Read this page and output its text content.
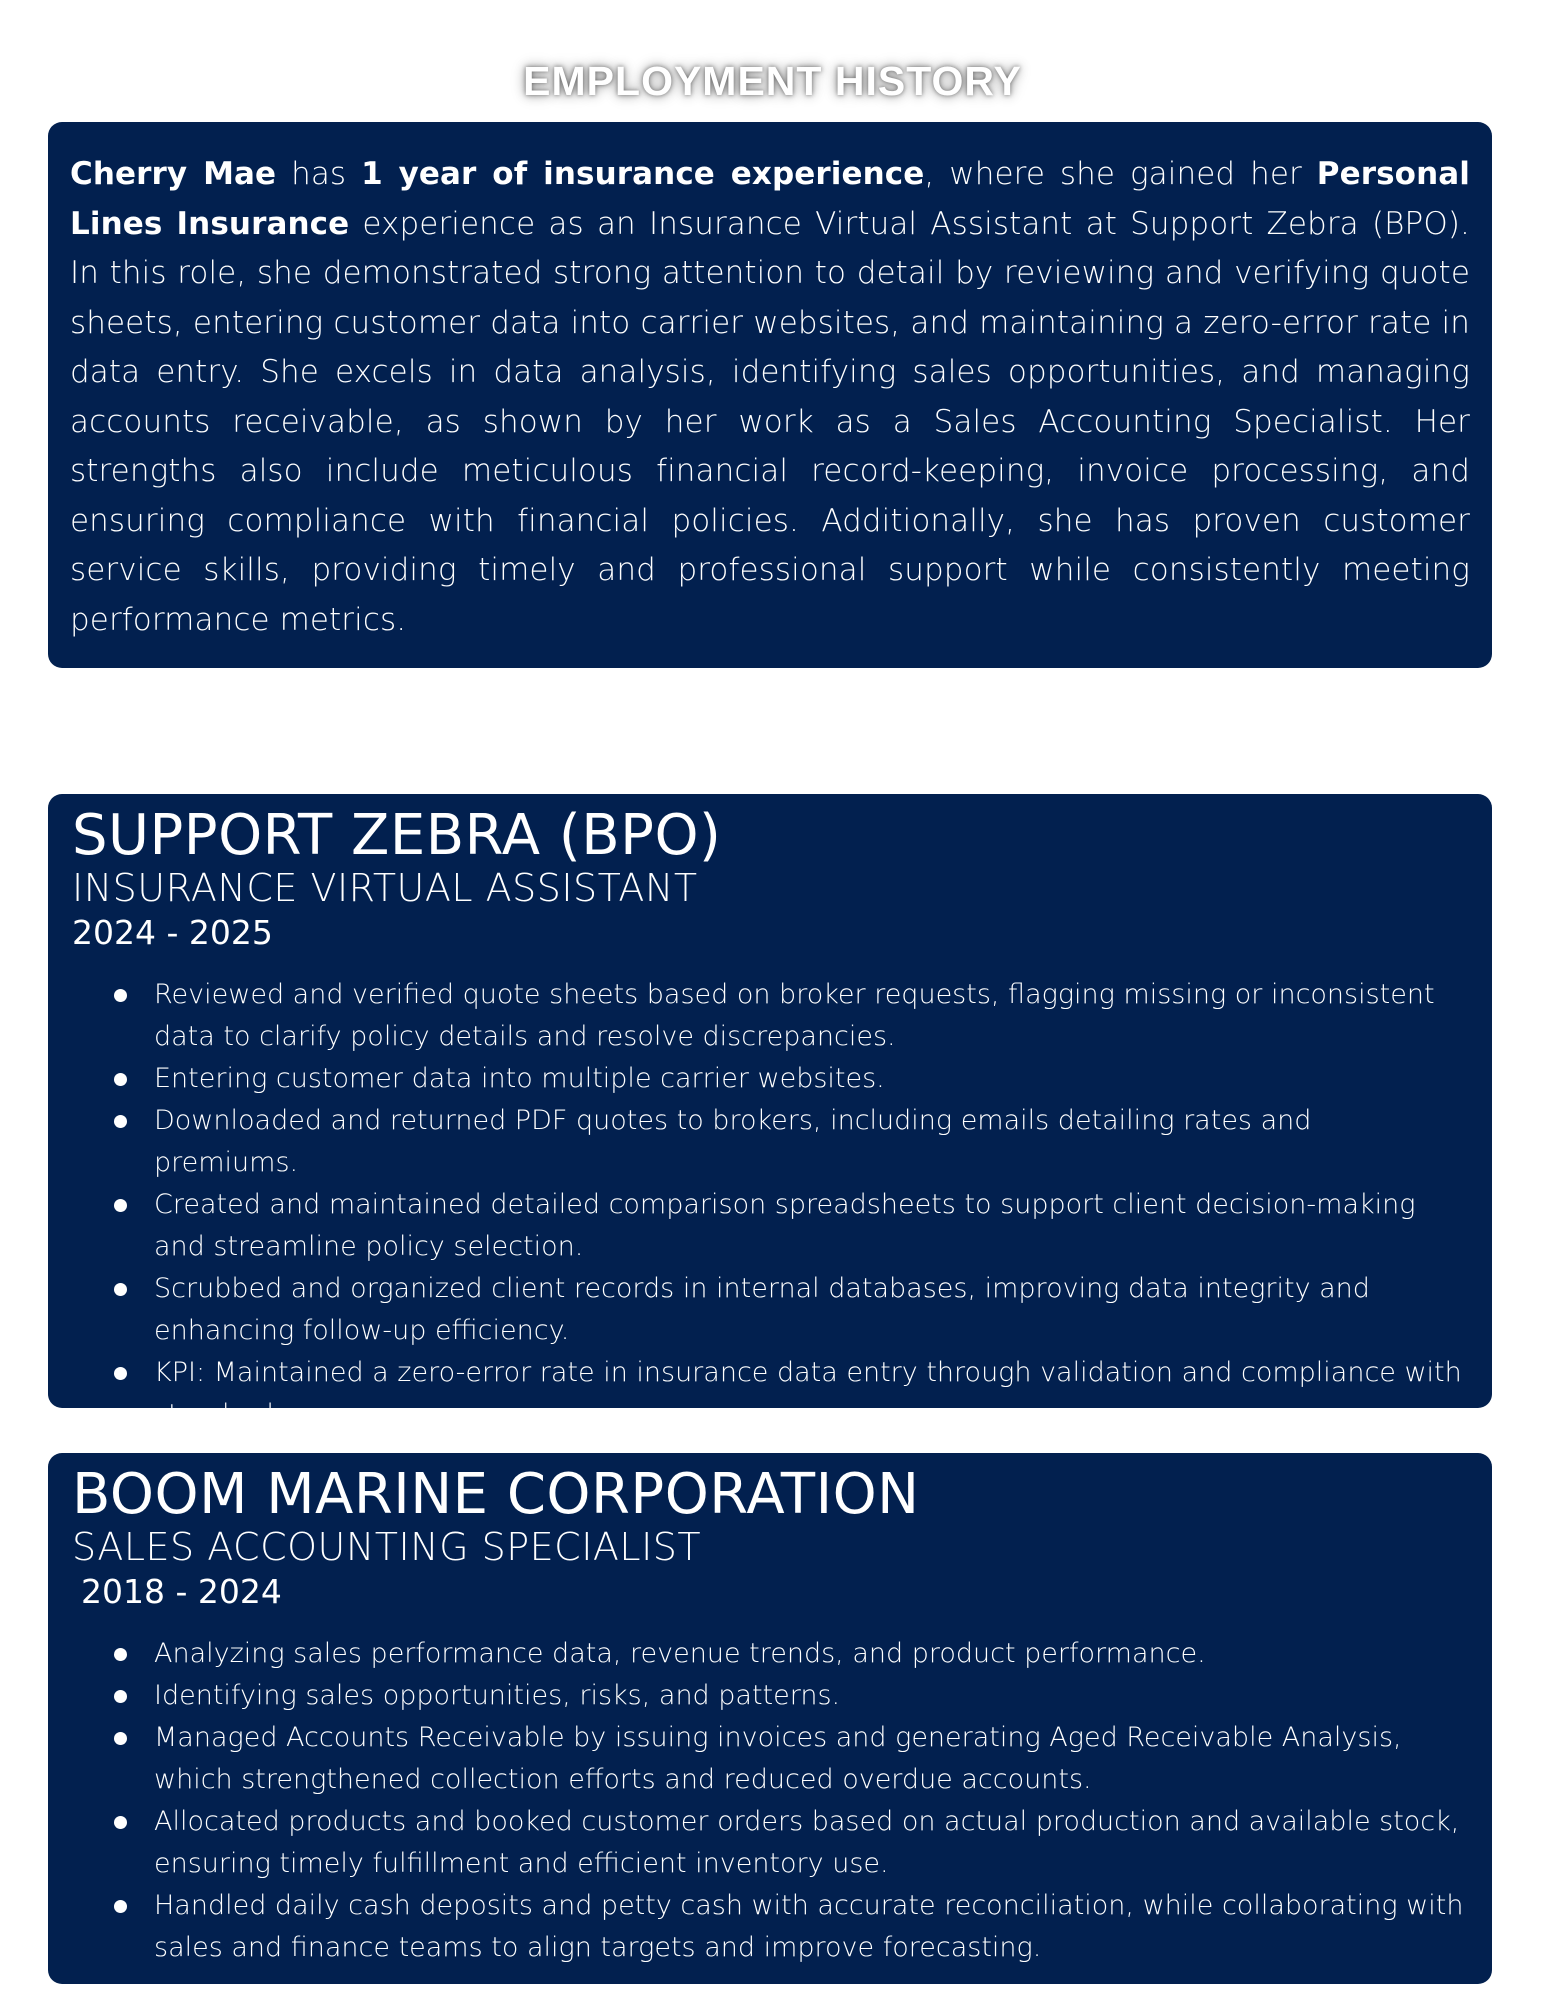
EMPLOYMENT HISTORY

Cherry Mae has 1 year of insurance experience, where she gained her Personal Lines Insurance experience as an Insurance Virtual Assistant at Support Zebra (BPO). In this role, she demonstrated strong attention to detail by reviewing and verifying quote sheets, entering customer data into carrier websites, and maintaining a zero-error rate in data entry. She excels in data analysis, identifying sales opportunities, and managing accounts receivable, as shown by her work as a Sales Accounting Specialist. Her strengths also include meticulous financial record-keeping, invoice processing, and ensuring compliance with financial policies. Additionally, she has proven customer service skills, providing timely and professional support while consistently meeting performance metrics.

SUPPORT ZEBRA (BPO)
INSURANCE VIRTUAL ASSISTANT
2024 - 2025
Reviewed and verified quote sheets based on broker requests, flagging missing or inconsistent data to clarify policy details and resolve discrepancies.
Entering customer data into multiple carrier websites.
Downloaded and returned PDF quotes to brokers, including emails detailing rates and premiums.
Created and maintained detailed comparison spreadsheets to support client decision-making and streamline policy selection.
Scrubbed and organized client records in internal databases, improving data integrity and enhancing follow-up efficiency.
KPI: Maintained a zero-error rate in insurance data entry through validation and compliance with standard processes.
BOOM MARINE CORPORATION
SALES ACCOUNTING SPECIALIST
2018 - 2024
Analyzing sales performance data, revenue trends, and product performance.
Identifying sales opportunities, risks, and patterns.
Managed Accounts Receivable by issuing invoices and generating Aged Receivable Analysis, which strengthened collection efforts and reduced overdue accounts.
Allocated products and booked customer orders based on actual production and available stock, ensuring timely fulfillment and efficient inventory use.
Handled daily cash deposits and petty cash with accurate reconciliation, while collaborating with sales and finance teams to align targets and improve forecasting.
